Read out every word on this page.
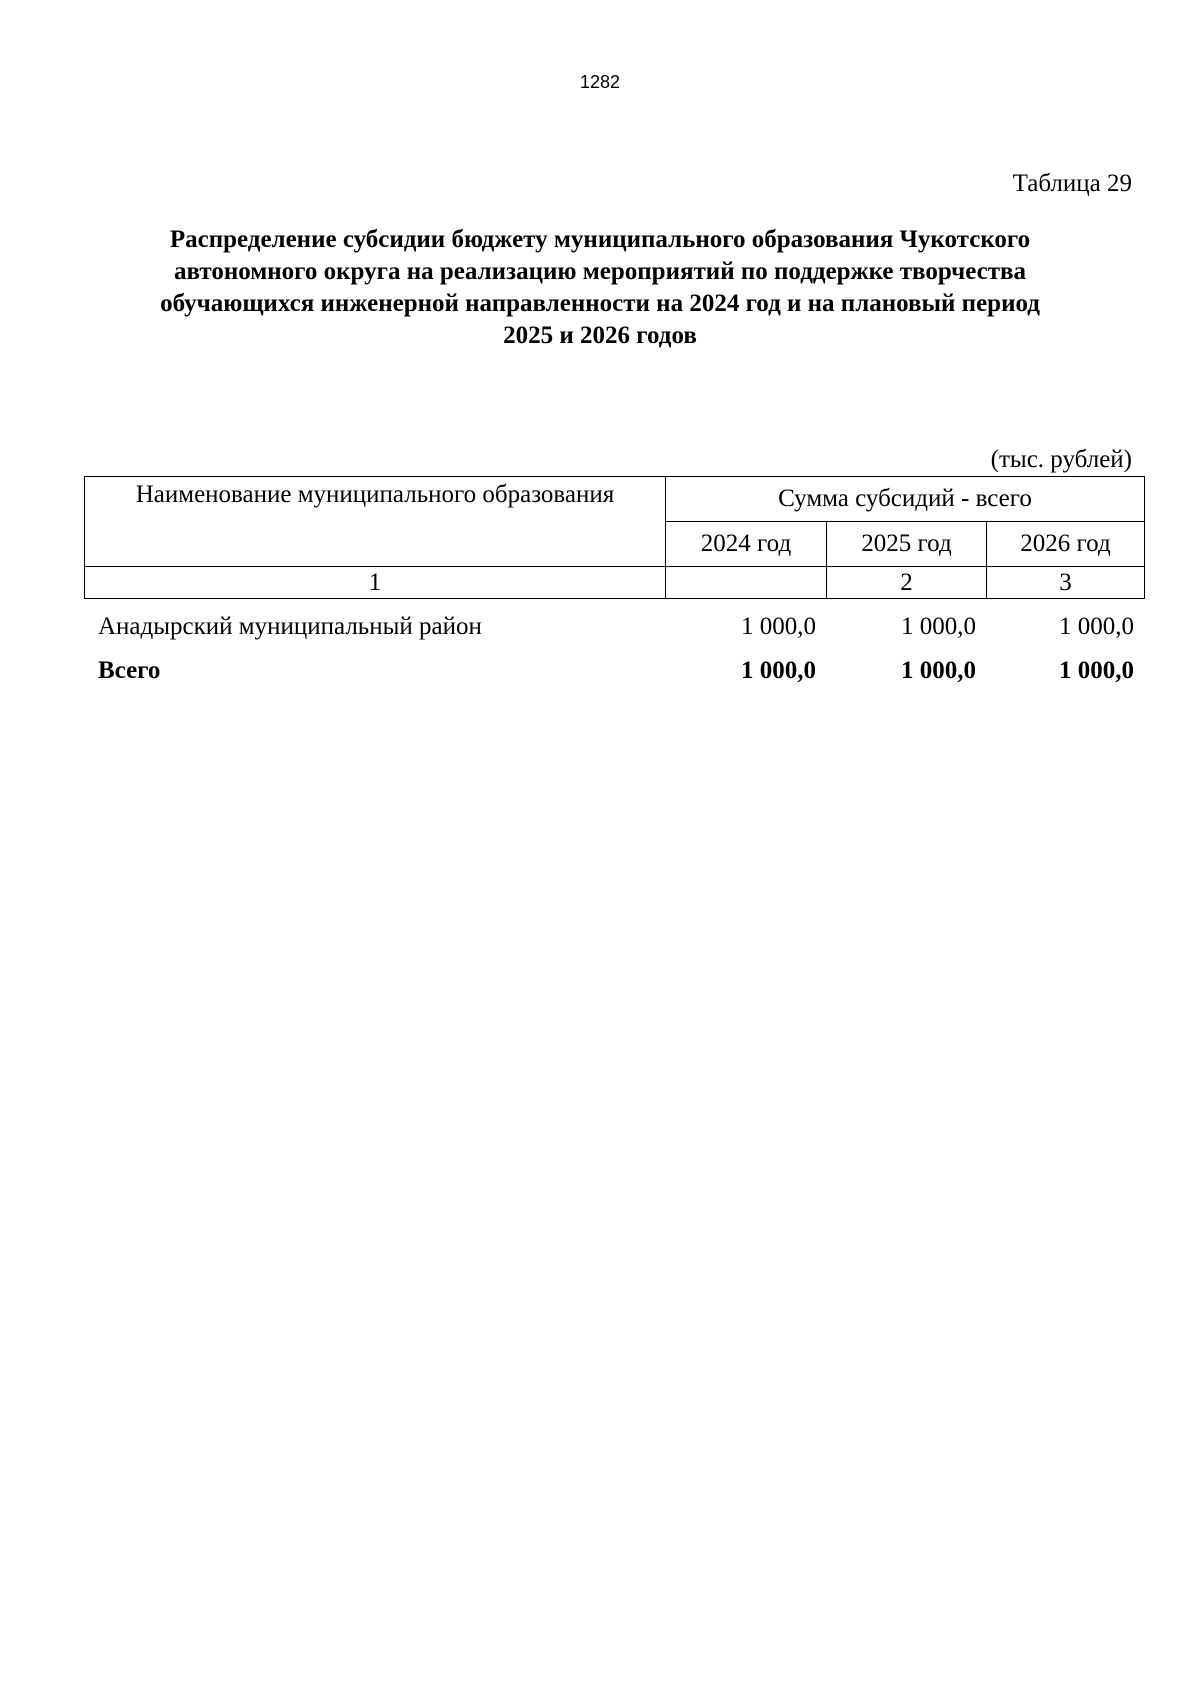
1282
Таблица 29
Распределение субсидии бюджету муниципального образования Чукотского
автономного округа на реализацию мероприятий по поддержке творчества
обучающихся инженерной направленности на 2024 год и на плановый период
2025 и 2026 годов
(тыс. рублей)
Наименование муниципального образования	Сумма субсидий - всего		
	2024 год	2025 год	2026 год
1		2	3
Анадырский муниципальный район	1 000,0	1 000,0	1 000,0
Всего	1 000,0	1 000,0	1 000,0
